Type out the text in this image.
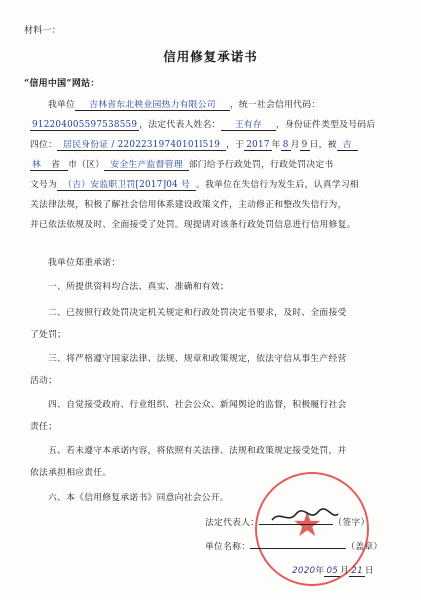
材料一：
信用修复承诺书
“信用中国”网站：
我单位 吉林省东北秧业园热力有限公司 ，统一社会信用代码：
912204005597538559 ，法定代表人姓名： 王有存 ，身份证件类型及号码后
四位： 居民身份证 / 22022319740101l519 ，于 2017 年 8 月 9 日，被 吉
林 省 市（区） 安全生产监督管理 部门给予行政处罚，行政处罚决定书
文号为 （吉）安监职卫罚[2017]04 号 。我单位在失信行为发生后，认真学习相
关法律法规，积极了解社会信用体系建设政策文件，主动修正和整改失信行为，
并已依法依规及时、全面接受了处罚。现提请对该条行政处罚信息进行信用修复。
我单位郑重承诺：
一、所提供资料均合法、真实、准确和有效；
二、已按照行政处罚决定机关规定和行政处罚决定书要求，及时、全面接受
了处罚；
三、将严格遵守国家法律、法规、规章和政策规定，依法守信从事生产经营
活动；
四、自觉接受政府、行业组织、社会公众、新闻舆论的监督，积极履行社会
责任；
五、若未遵守本承诺内容，将依照有关法律、法规和政策规定接受处罚，并
依法承担相应责任。
六、本《信用修复承诺书》同意向社会公开。
★
法定代表人：	（签字）
单位名称：	（盖章）
2020年 05 月 21 日
